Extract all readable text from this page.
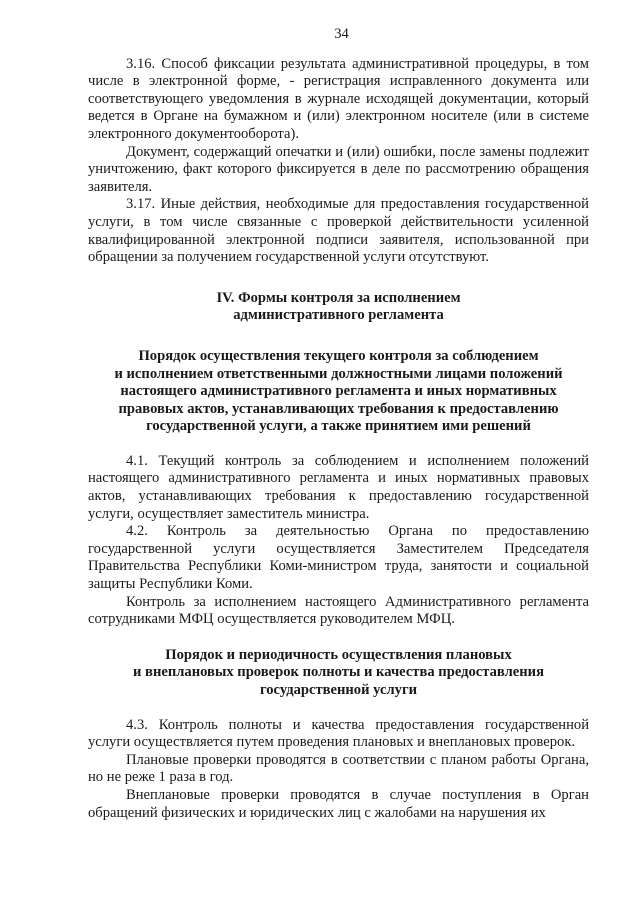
34

3.16. Способ фиксации результата административной процедуры, в том числе в электронной форме, - регистрация исправленного документа или соответствующего уведомления в журнале исходящей документации, который ведется в Органе на бумажном и (или) электронном носителе (или в системе электронного документооборота).

Документ, содержащий опечатки и (или) ошибки, после замены подлежит уничтожению, факт которого фиксируется в деле по рассмотрению обращения заявителя.

3.17. Иные действия, необходимые для предоставления государственной услуги, в том числе связанные с проверкой действительности усиленной квалифицированной электронной подписи заявителя, использованной при обращении за получением государственной услуги отсутствуют.

IV. Формы контроля за исполнением
административного регламента
Порядок осуществления текущего контроля за соблюдением
и исполнением ответственными должностными лицами положений
настоящего административного регламента и иных нормативных
правовых актов, устанавливающих требования к предоставлению
государственной услуги, а также принятием ими решений

4.1. Текущий контроль за соблюдением и исполнением положений настоящего административного регламента и иных нормативных правовых актов, устанавливающих требования к предоставлению государственной услуги, осуществляет заместитель министра.

4.2. Контроль за деятельностью Органа по предоставлению государственной услуги осуществляется Заместителем Председателя Правительства Республики Коми-министром труда, занятости и социальной защиты Республики Коми.

Контроль за исполнением настоящего Административного регламента сотрудниками МФЦ осуществляется руководителем МФЦ.

Порядок и периодичность осуществления плановых
и внеплановых проверок полноты и качества предоставления
государственной услуги

4.3. Контроль полноты и качества предоставления государственной услуги осуществляется путем проведения плановых и внеплановых проверок.

Плановые проверки проводятся в соответствии с планом работы Органа, но не реже 1 раза в год.

Внеплановые проверки проводятся в случае поступления в Орган обращений физических и юридических лиц с жалобами на нарушения их
